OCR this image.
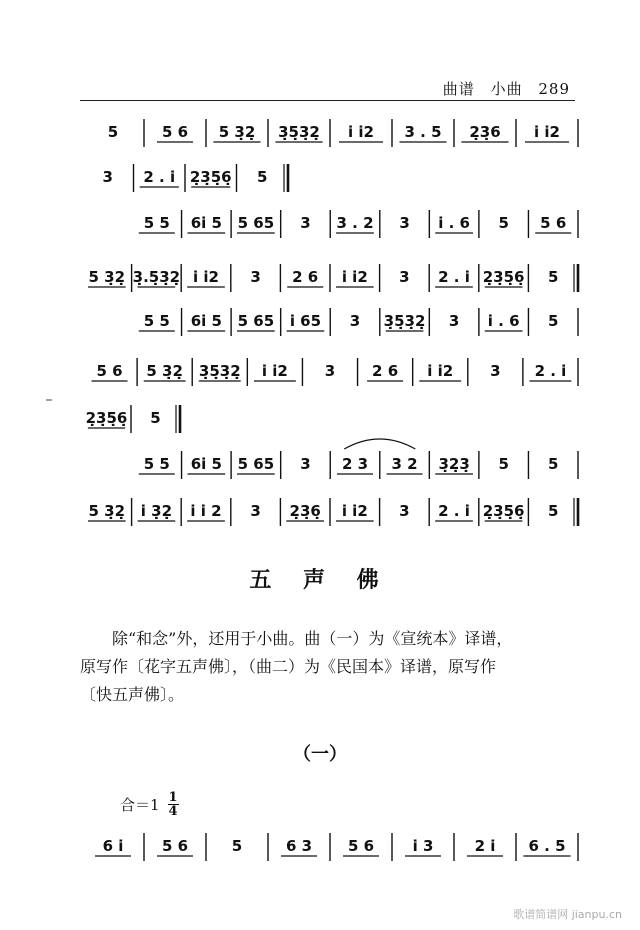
曲谱 小曲 289
5	5 6 5 3̣2̣ 3̣5̣3̣2̣ i i2 3 . 5 2̣3̣6 i i2
3 2 . i 2̣3̣5̣6̣ 5
5 5 6i 5 5 65 3 3 . 2 3 i . 6 5 5 6
5 3̣2̣ 3̣.5̣3̣2̣ i i2 3 2 6 i i2 3 2 . i 2̣3̣5̣6̣ 5
5 5 6i 5 5 65 i 65 3 3̣5̣3̣2̣ 3 i . 6 5
5 6 5 3̣2̣ 3̣5̣3̣2̣ i i2 3 2 6 i i2 3 2 . i
2̣3̣5̣6̣ 5
5 5 6i 5 5 65 3 2 3 3 2 3̣2̣3̣ 5	5
5 3̣2̣ i 3̣2̣ i i 2 3 2̣3̣6̣ i i2 3 2 . i 2̣3̣5̣6̣ 5
6 i	5 6	5	6 3 5 6	i 3	2 i 6 . 5
五 声 佛

除“和念”外，还用于小曲。曲（一）为《宣统本》译谱，

原写作〔花字五声佛〕，（曲二）为《民国本》译谱，原写作

〔快五声佛〕。

（一）
合$=1 \frac{1}{4}$
歌谱简谱网 jianpu.cn
